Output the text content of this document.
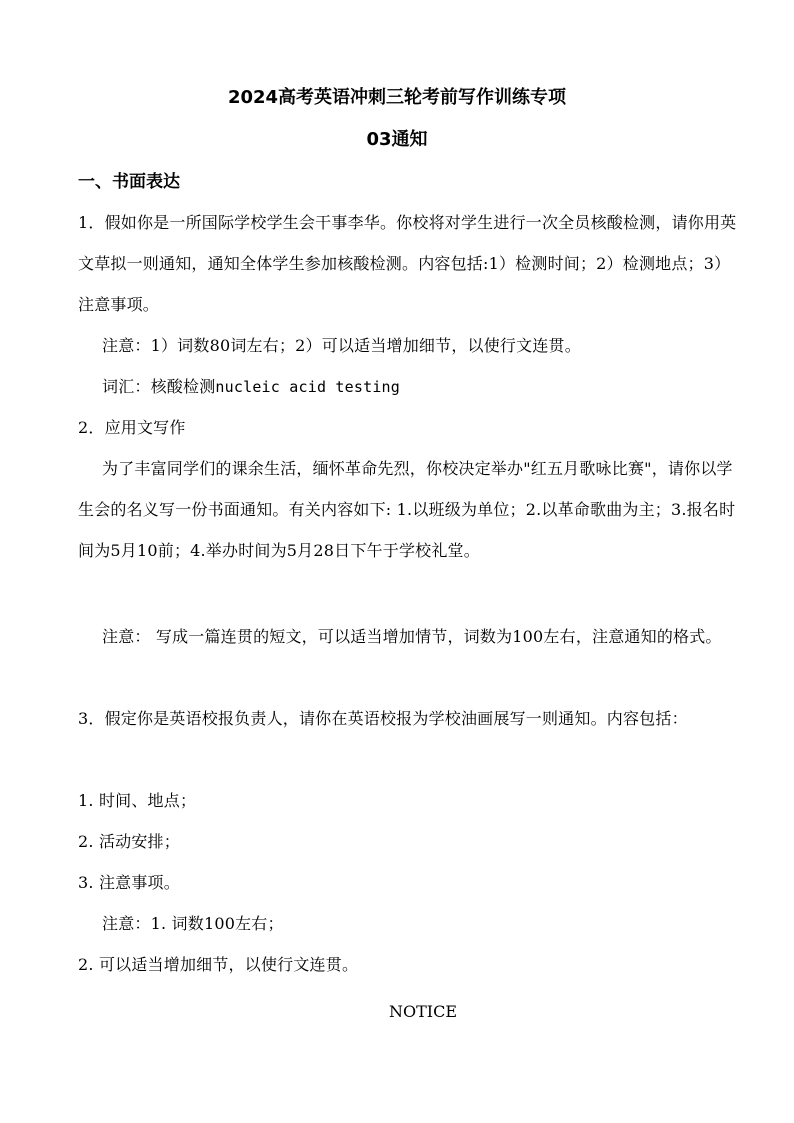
2024高考英语冲刺三轮考前写作训练专项
03通知
一、书面表达
1．假如你是一所国际学校学生会干事李华。你校将对学生进行一次全员核酸检测，请你用英文草拟一则通知，通知全体学生参加核酸检测。内容包括:1）检测时间；2）检测地点；3）注意事项。
注意：1）词数80词左右；2）可以适当增加细节，以使行文连贯。
词汇：核酸检测nucleic acid testing
2．应用文写作
为了丰富同学们的课余生活，缅怀革命先烈，你校决定举办"红五月歌咏比赛"，请你以学生会的名义写一份书面通知。有关内容如下: 1.以班级为单位；2.以革命歌曲为主；3.报名时间为5月10前；4.举办时间为5月28日下午于学校礼堂。
注意： 写成一篇连贯的短文，可以适当增加情节，词数为100左右，注意通知的格式。
3．假定你是英语校报负责人，请你在英语校报为学校油画展写一则通知。内容包括：
1. 时间、地点；
2. 活动安排；
3. 注意事项。
注意：1. 词数100左右；
2. 可以适当增加细节，以使行文连贯。
NOTICE
